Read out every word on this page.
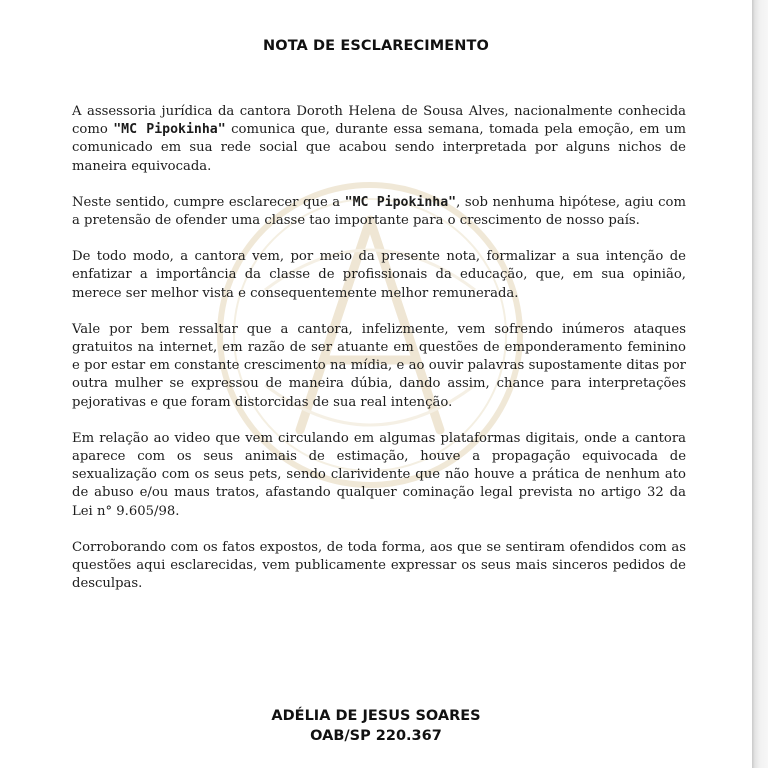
NOTA DE ESCLARECIMENTO

A assessoria jurídica da cantora Doroth Helena de Sousa Alves, nacionalmente conhecida como "MC Pipokinha" comunica que, durante essa semana, tomada pela emoção, em um comunicado em sua rede social que acabou sendo interpretada por alguns nichos de maneira equivocada.

Neste sentido, cumpre esclarecer que a "MC Pipokinha", sob nenhuma hipótese, agiu com a pretensão de ofender uma classe tao importante para o crescimento de nosso país.

De todo modo, a cantora vem, por meio da presente nota, formalizar a sua intenção de enfatizar a importância da classe de profissionais da educação, que, em sua opinião, merece ser melhor vista e consequentemente melhor remunerada.

Vale por bem ressaltar que a cantora, infelizmente, vem sofrendo inúmeros ataques gratuitos na internet, em razão de ser atuante em questões de emponderamento feminino e por estar em constante crescimento na mídia, e ao ouvir palavras supostamente ditas por outra mulher se expressou de maneira dúbia, dando assim, chance para interpretações pejorativas e que foram distorcidas de sua real intenção.

Em relação ao video que vem circulando em algumas plataformas digitais, onde a cantora aparece com os seus animais de estimação, houve a propagação equivocada de sexualização com os seus pets, sendo clarividente que não houve a prática de nenhum ato de abuso e/ou maus tratos, afastando qualquer cominação legal prevista no artigo 32 da Lei n° 9.605/98.

Corroborando com os fatos expostos, de toda forma, aos que se sentiram ofendidos com as questões aqui esclarecidas, vem publicamente expressar os seus mais sinceros pedidos de desculpas.

ADÉLIA DE JESUS SOARES
OAB/SP 220.367
